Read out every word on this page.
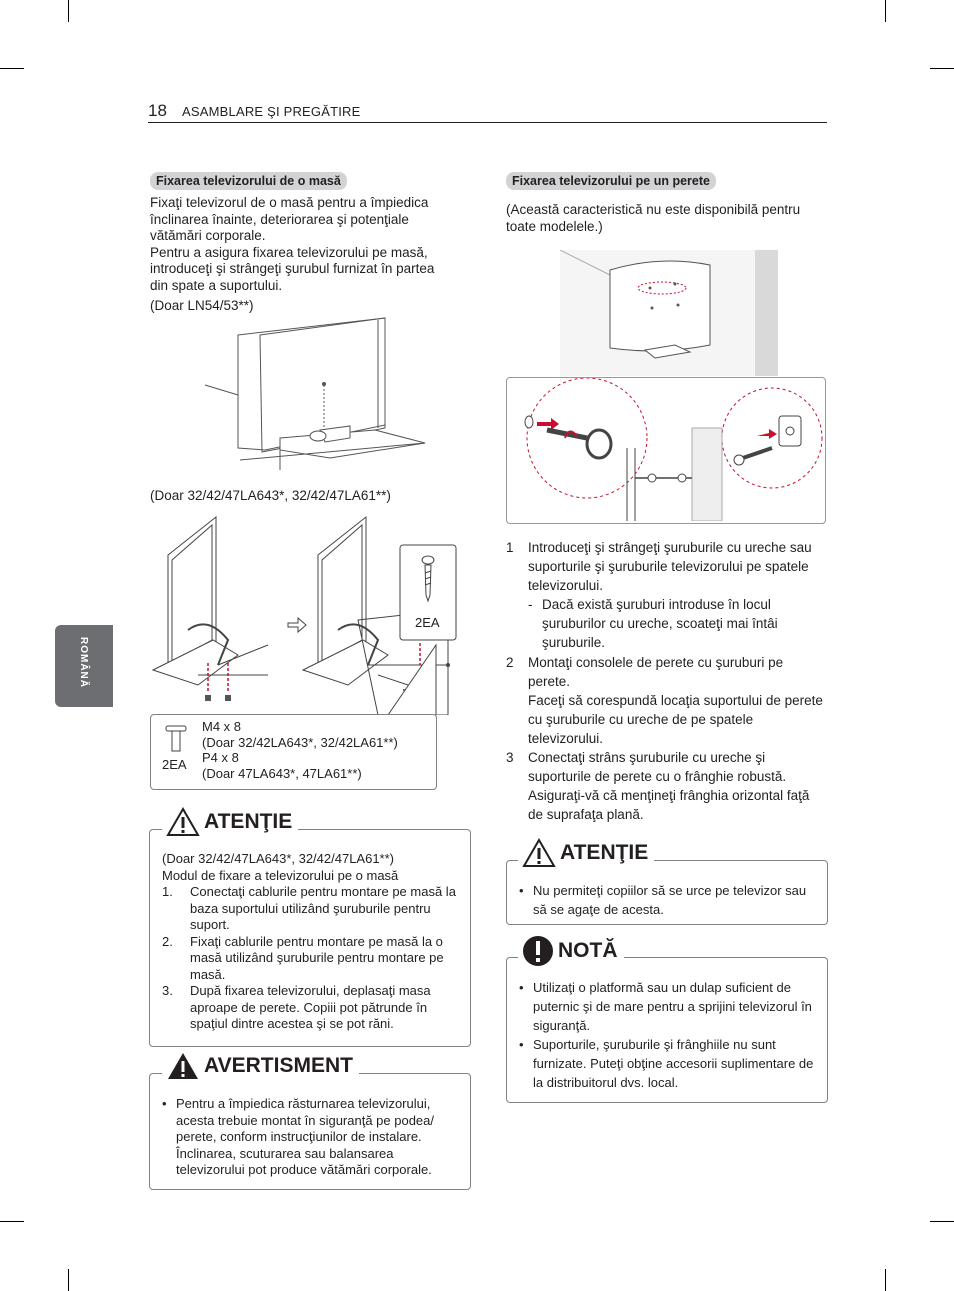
18 ASAMBLARE ŞI PREGĂTIRE
ROMÂNĂ
Fixarea televizorului de o masă
Fixaţi televizorul de o masă pentru a împiedica înclinarea înainte, deteriorarea şi potenţiale vătămări corporale.
Pentru a asigura fixarea televizorului pe masă, introduceţi şi strângeţi şurubul furnizat în partea din spate a suportului.
(Doar LN54/53**)
(Doar 32/42/47LA643*, 32/42/47LA61**)
2EA
2EA
M4 x 8
(Doar 32/42LA643*, 32/42LA61**)
P4 x 8
(Doar 47LA643*, 47LA61**)
ATENŢIE
(Doar 32/42/47LA643*, 32/42/47LA61**)
Modul de fixare a televizorului pe o masă
1. Conectaţi cablurile pentru montare pe masă la baza suportului utilizând şuruburile pentru suport.
2. Fixaţi cablurile pentru montare pe masă la o masă utilizând şuruburile pentru montare pe masă.
3. După fixarea televizorului, deplasaţi masa aproape de perete. Copiii pot pătrunde în spaţiul dintre acestea şi se pot răni.
AVERTISMENT
• Pentru a împiedica răsturnarea televizorului, acesta trebuie montat în siguranţă pe podea/ perete, conform instrucţiunilor de instalare. Înclinarea, scuturarea sau balansarea televizorului pot produce vătămări corporale.
Fixarea televizorului pe un perete
(Această caracteristică nu este disponibilă pentru toate modelele.)
1 Introduceţi şi strângeţi şuruburile cu ureche sau suporturile şi şuruburile televizorului pe spatele televizorului.
- Dacă există şuruburi introduse în locul şuruburilor cu ureche, scoateţi mai întâi şuruburile.
2 Montaţi consolele de perete cu şuruburi pe perete.
Faceţi să corespundă locaţia suportului de perete cu şuruburile cu ureche de pe spatele televizorului.
3 Conectaţi strâns şuruburile cu ureche şi suporturile de perete cu o frânghie robustă. Asiguraţi-vă că menţineţi frânghia orizontal faţă de suprafaţa plană.
ATENŢIE
• Nu permiteţi copiilor să se urce pe televizor sau să se agaţe de acesta.
NOTĂ
• Utilizaţi o platformă sau un dulap suficient de puternic şi de mare pentru a sprijini televizorul în siguranţă.
• Suporturile, şuruburile şi frânghiile nu sunt furnizate. Puteţi obţine accesorii suplimentare de la distribuitorul dvs. local.
